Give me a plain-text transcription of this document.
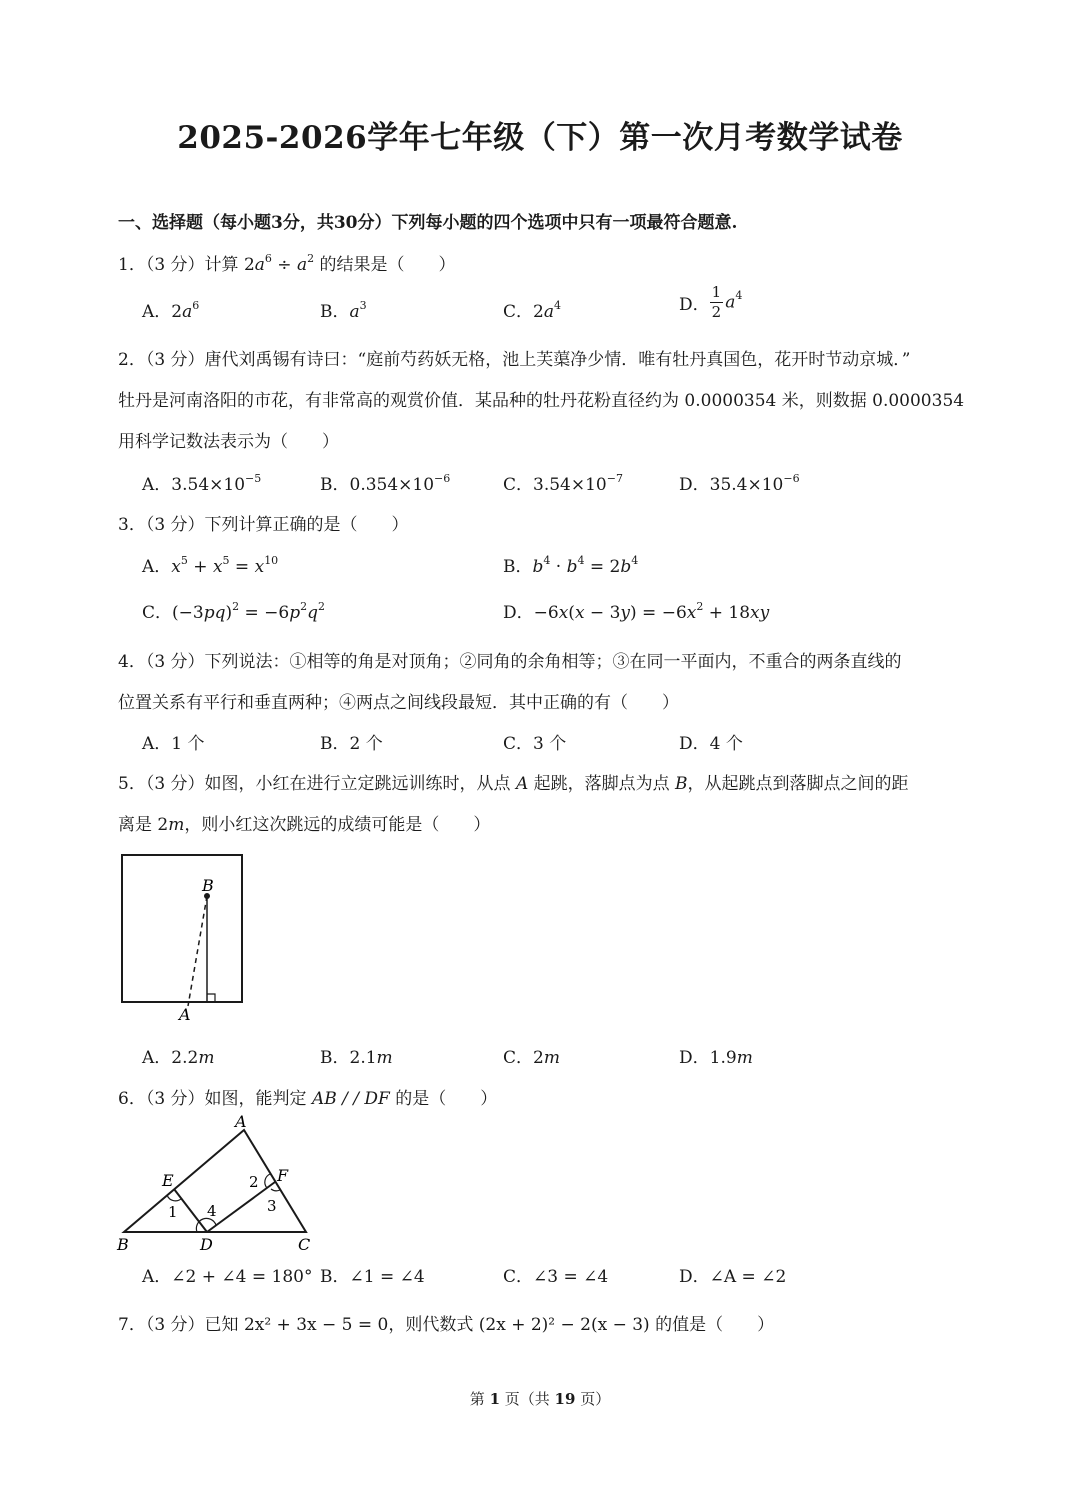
2025-2026学年七年级（下）第一次月考数学试卷
一、选择题（每小题3分，共30分）下列每小题的四个选项中只有一项最符合题意.
1．（3 分）计算 $2a^6 \div a^2$ 的结果是（　　）
A．$2a^6$	B．$a^3$	C．$2a^4$	D． $\frac{1}{2} a^4$
2．（3 分）唐代刘禹锡有诗曰：“庭前芍药妖无格，池上芙蕖净少情．唯有牡丹真国色，花开时节动京城．”
牡丹是河南洛阳的市花，有非常高的观赏价值．某品种的牡丹花粉直径约为 0.0000354 米，则数据 0.0000354
用科学记数法表示为（　　）
A．$3.54\times 10^{-5}$	B．$0.354\times 10^{-6}$	C．$3.54\times 10^{-7}$	D．$35.4\times 10^{-6}$
3．（3 分）下列计算正确的是（　　）
A．$x^5 + x^5 = x^{10}$	B．$b^4 \cdot b^4 = 2b^4$
C．$(-3pq)^2 = -6p^2q^2$	D．$-6x(x - 3y) = -6x^2 + 18xy$
4．（3 分）下列说法：①相等的角是对顶角；②同角的余角相等；③在同一平面内，不重合的两条直线的
位置关系有平行和垂直两种；④两点之间线段最短．其中正确的有（　　）
A．1 个	B．2 个	C．3 个	D．4 个
5．（3 分）如图，小红在进行立定跳远训练时，从点 A 起跳，落脚点为点 B，从起跳点到落脚点之间的距
离是 2m，则小红这次跳远的成绩可能是（　　）
B
A
A．2.2m	B．2.1m	C．2m	D．1.9m
6．（3 分）如图，能判定 AB / / DF 的是（　　）
A
B	C
D
E	F
1
2
3
4
A．∠2 + ∠4 = 180° B．∠1 = ∠4	C．∠3 = ∠4	D．∠A = ∠2
7．（3 分）已知 2x² + 3x − 5 = 0，则代数式 (2x + 2)² − 2(x − 3) 的值是（　　）
第 1 页（共 19 页）
